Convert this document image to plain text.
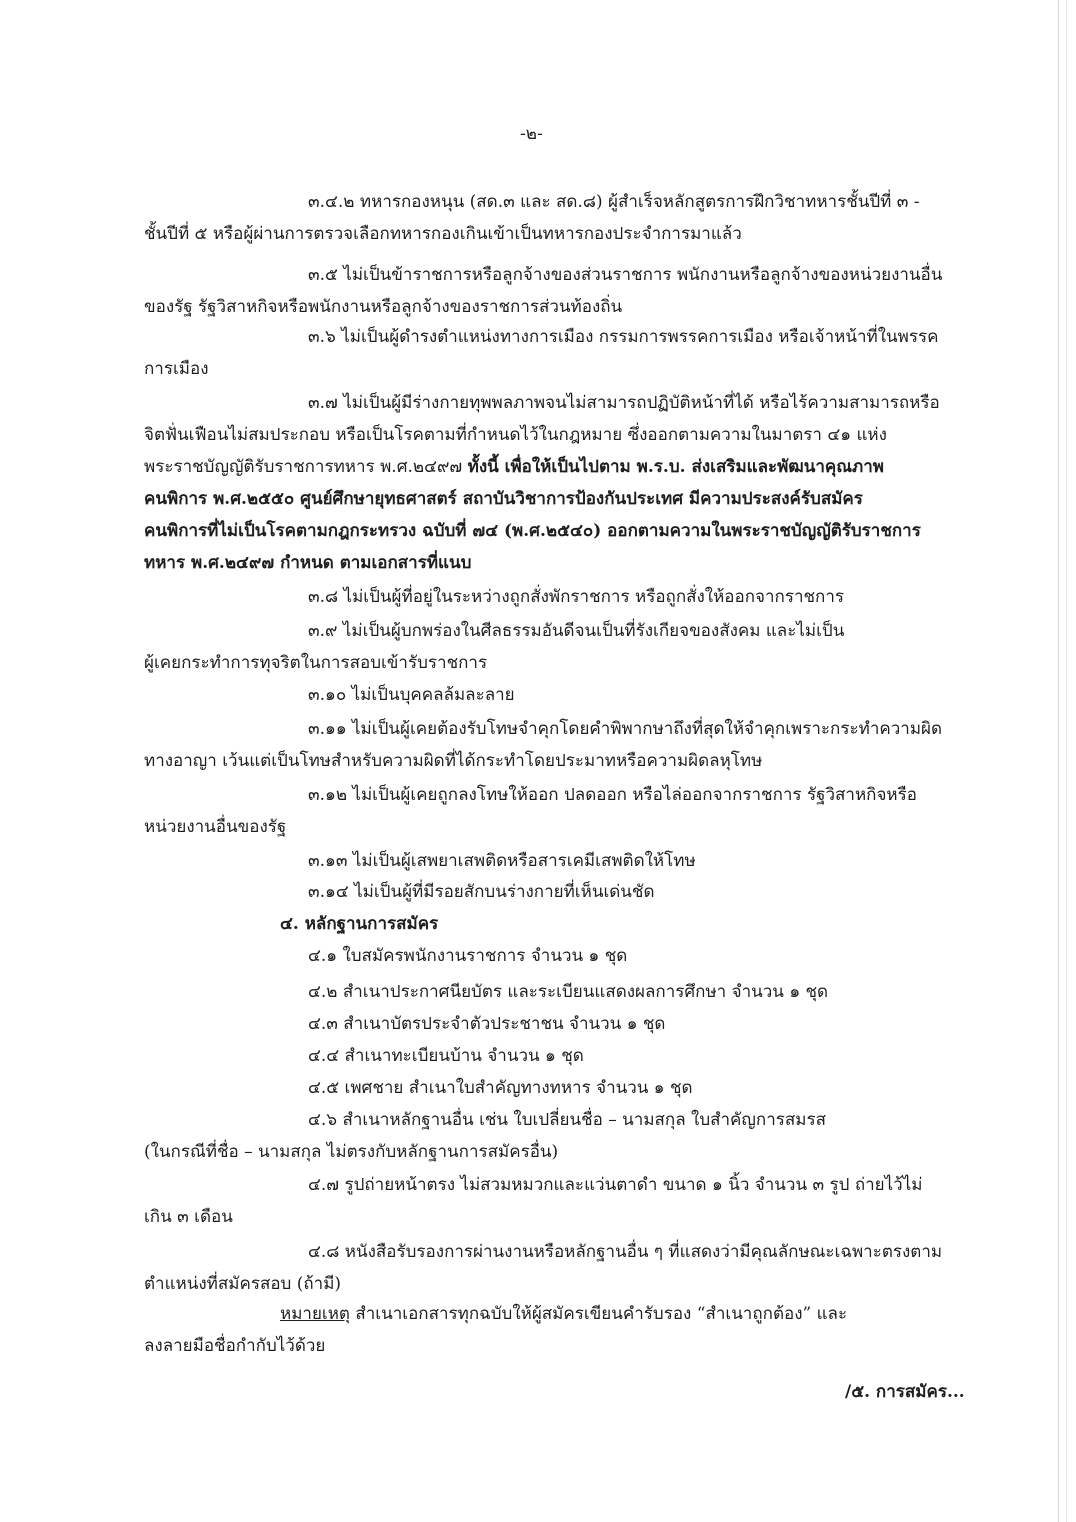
-๒-
๓.๔.๒ ทหารกองหนุน (สด.๓ และ สด.๘) ผู้สำเร็จหลักสูตรการฝึกวิชาทหารชั้นปีที่ ๓ -
ชั้นปีที่ ๕ หรือผู้ผ่านการตรวจเลือกทหารกองเกินเข้าเป็นทหารกองประจำการมาแล้ว
๓.๕ ไม่เป็นข้าราชการหรือลูกจ้างของส่วนราชการ พนักงานหรือลูกจ้างของหน่วยงานอื่น
ของรัฐ รัฐวิสาหกิจหรือพนักงานหรือลูกจ้างของราชการส่วนท้องถิ่น
๓.๖ ไม่เป็นผู้ดำรงตำแหน่งทางการเมือง กรรมการพรรคการเมือง หรือเจ้าหน้าที่ในพรรค
การเมือง
๓.๗ ไม่เป็นผู้มีร่างกายทุพพลภาพจนไม่สามารถปฏิบัติหน้าที่ได้ หรือไร้ความสามารถหรือ
จิตฟั่นเฟือนไม่สมประกอบ หรือเป็นโรคตามที่กำหนดไว้ในกฎหมาย ซึ่งออกตามความในมาตรา ๔๑ แห่ง
พระราชบัญญัติรับราชการทหาร พ.ศ.๒๔๙๗ ทั้งนี้ เพื่อให้เป็นไปตาม พ.ร.บ. ส่งเสริมและพัฒนาคุณภาพ
คนพิการ พ.ศ.๒๕๕๐ ศูนย์ศึกษายุทธศาสตร์ สถาบันวิชาการป้องกันประเทศ มีความประสงค์รับสมัคร
คนพิการที่ไม่เป็นโรคตามกฎกระทรวง ฉบับที่ ๗๔ (พ.ศ.๒๕๔๐) ออกตามความในพระราชบัญญัติรับราชการ
ทหาร พ.ศ.๒๔๙๗ กำหนด ตามเอกสารที่แนบ
๓.๘ ไม่เป็นผู้ที่อยู่ในระหว่างถูกสั่งพักราชการ หรือถูกสั่งให้ออกจากราชการ
๓.๙ ไม่เป็นผู้บกพร่องในศีลธรรมอันดีจนเป็นที่รังเกียจของสังคม และไม่เป็น
ผู้เคยกระทำการทุจริตในการสอบเข้ารับราชการ
๓.๑๐ ไม่เป็นบุคคลล้มละลาย
๓.๑๑ ไม่เป็นผู้เคยต้องรับโทษจำคุกโดยคำพิพากษาถึงที่สุดให้จำคุกเพราะกระทำความผิด
ทางอาญา เว้นแต่เป็นโทษสำหรับความผิดที่ได้กระทำโดยประมาทหรือความผิดลหุโทษ
๓.๑๒ ไม่เป็นผู้เคยถูกลงโทษให้ออก ปลดออก หรือไล่ออกจากราชการ รัฐวิสาหกิจหรือ
หน่วยงานอื่นของรัฐ
๓.๑๓ ไม่เป็นผู้เสพยาเสพติดหรือสารเคมีเสพติดให้โทษ
๓.๑๔ ไม่เป็นผู้ที่มีรอยสักบนร่างกายที่เห็นเด่นชัด
๔. หลักฐานการสมัคร
๔.๑ ใบสมัครพนักงานราชการ จำนวน ๑ ชุด
๔.๒ สำเนาประกาศนียบัตร และระเบียนแสดงผลการศึกษา จำนวน ๑ ชุด
๔.๓ สำเนาบัตรประจำตัวประชาชน จำนวน ๑ ชุด
๔.๔ สำเนาทะเบียนบ้าน จำนวน ๑ ชุด
๔.๕ เพศชาย สำเนาใบสำคัญทางทหาร จำนวน ๑ ชุด
๔.๖ สำเนาหลักฐานอื่น เช่น ใบเปลี่ยนชื่อ – นามสกุล ใบสำคัญการสมรส
(ในกรณีที่ชื่อ – นามสกุล ไม่ตรงกับหลักฐานการสมัครอื่น)
๔.๗ รูปถ่ายหน้าตรง ไม่สวมหมวกและแว่นตาดำ ขนาด ๑ นิ้ว จำนวน ๓ รูป ถ่ายไว้ไม่
เกิน ๓ เดือน
๔.๘ หนังสือรับรองการผ่านงานหรือหลักฐานอื่น ๆ ที่แสดงว่ามีคุณลักษณะเฉพาะตรงตาม
ตำแหน่งที่สมัครสอบ (ถ้ามี)
หมายเหตุ สำเนาเอกสารทุกฉบับให้ผู้สมัครเขียนคำรับรอง “สำเนาถูกต้อง” และ
ลงลายมือชื่อกำกับไว้ด้วย
/๕. การสมัคร...
